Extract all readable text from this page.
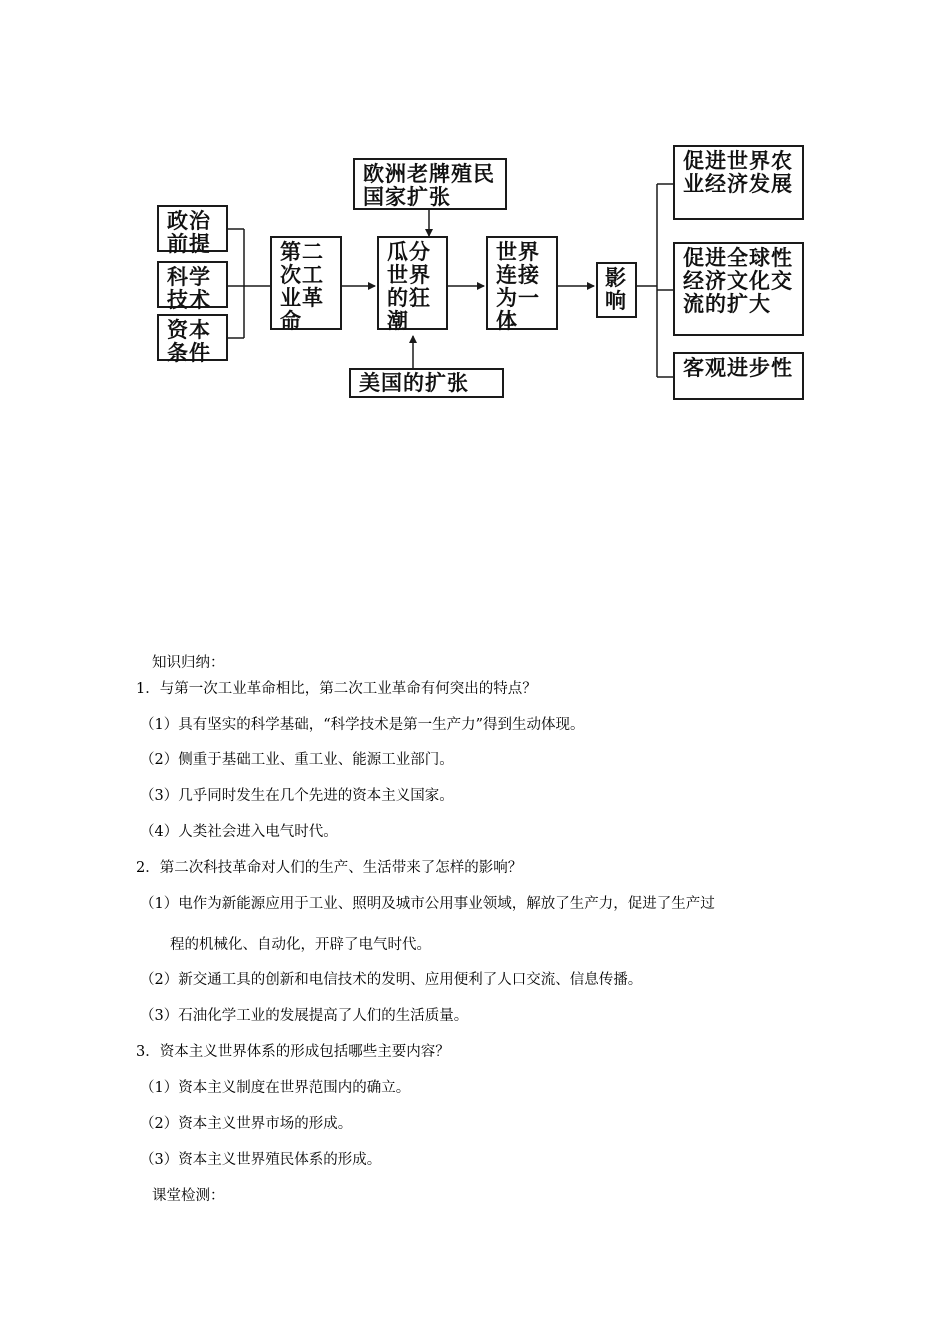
政治前提
科学技术
资本条件
第二次工业革命
欧洲老牌殖民国家扩张
瓜分世界的狂潮
美国的扩张
世界连接为一体
影响
促进世界农业经济发展
促进全球性经济文化交流的扩大
客观进步性
知识归纳：
1．与第一次工业革命相比，第二次工业革命有何突出的特点？
（1）具有坚实的科学基础，“科学技术是第一生产力”得到生动体现。
（2）侧重于基础工业、重工业、能源工业部门。
（3）几乎同时发生在几个先进的资本主义国家。
（4）人类社会进入电气时代。
2．第二次科技革命对人们的生产、生活带来了怎样的影响？
（1）电作为新能源应用于工业、照明及城市公用事业领域，解放了生产力，促进了生产过
程的机械化、自动化，开辟了电气时代。
（2）新交通工具的创新和电信技术的发明、应用便利了人口交流、信息传播。
（3）石油化学工业的发展提高了人们的生活质量。
3．资本主义世界体系的形成包括哪些主要内容？
（1）资本主义制度在世界范围内的确立。
（2）资本主义世界市场的形成。
（3）资本主义世界殖民体系的形成。
课堂检测：
